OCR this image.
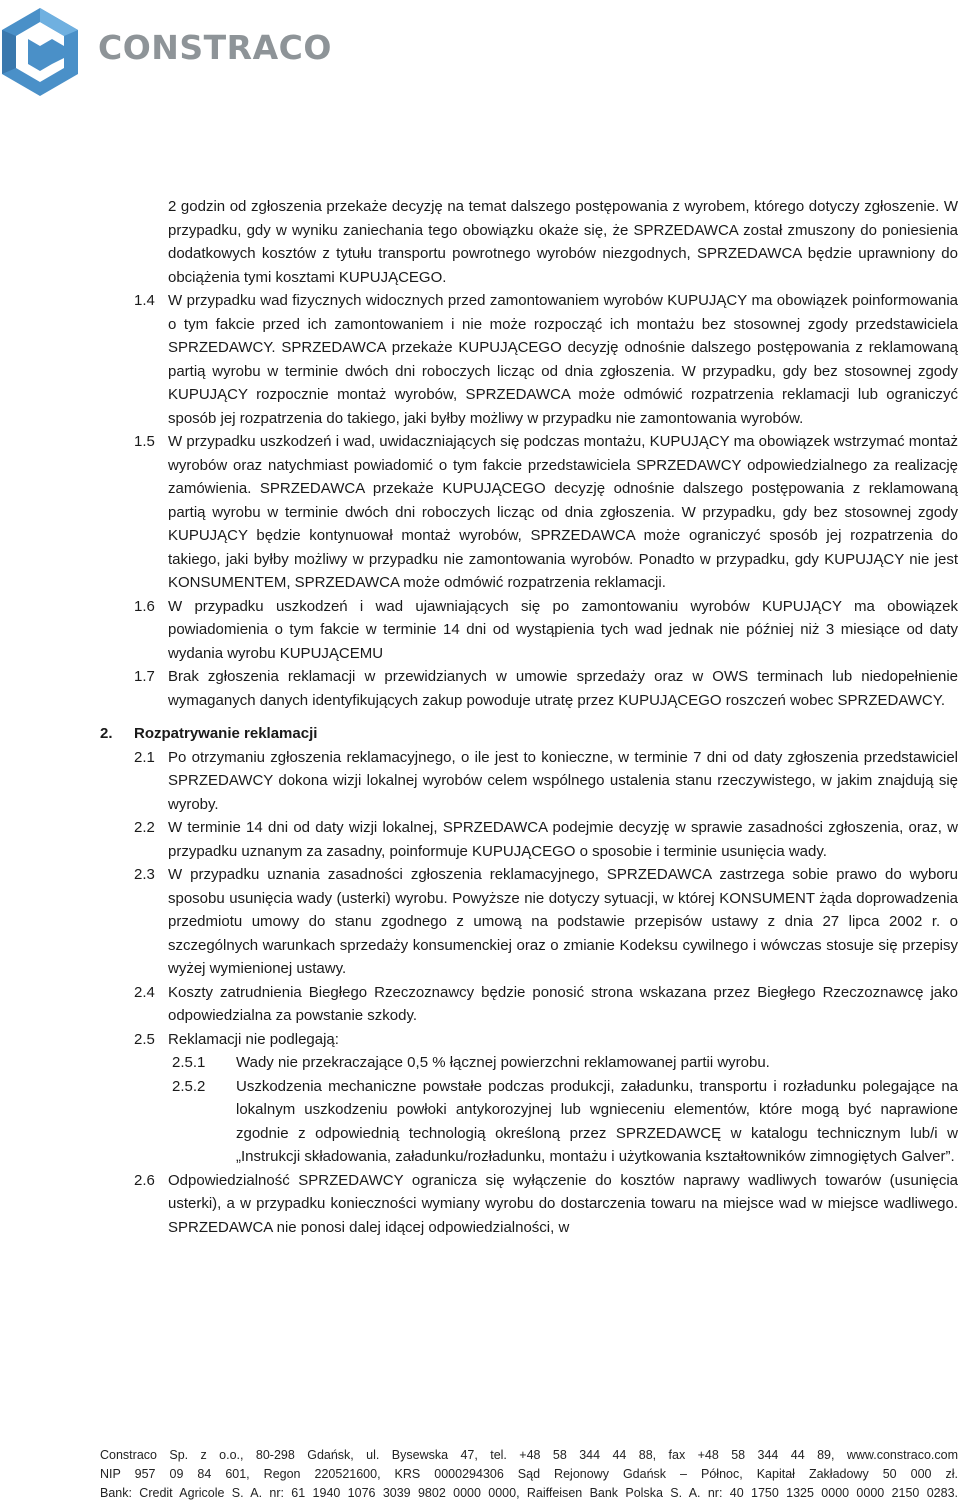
CONSTRACO

2 godzin od zgłoszenia przekaże decyzję na temat dalszego postępowania z wyrobem, którego dotyczy zgłoszenie. W przypadku, gdy w wyniku zaniechania tego obowiązku okaże się, że SPRZEDAWCA został zmuszony do poniesienia dodatkowych kosztów z tytułu transportu powrotnego wyrobów niezgodnych, SPRZEDAWCA będzie uprawniony do obciążenia tymi kosztami KUPUJĄCEGO.

1.4 W przypadku wad fizycznych widocznych przed zamontowaniem wyrobów KUPUJĄCY ma obowiązek poinformowania o tym fakcie przed ich zamontowaniem i nie może rozpocząć ich montażu bez stosownej zgody przedstawiciela SPRZEDAWCY. SPRZEDAWCA przekaże KUPUJĄCEGO decyzję odnośnie dalszego postępowania z reklamowaną partią wyrobu w terminie dwóch dni roboczych licząc od dnia zgłoszenia. W przypadku, gdy bez stosownej zgody KUPUJĄCY rozpocznie montaż wyrobów, SPRZEDAWCA może odmówić rozpatrzenia reklamacji lub ograniczyć sposób jej rozpatrzenia do takiego, jaki byłby możliwy w przypadku nie zamontowania wyrobów.
1.5 W przypadku uszkodzeń i wad, uwidaczniających się podczas montażu, KUPUJĄCY ma obowiązek wstrzymać montaż wyrobów oraz natychmiast powiadomić o tym fakcie przedstawiciela SPRZEDAWCY odpowiedzialnego za realizację zamówienia. SPRZEDAWCA przekaże KUPUJĄCEGO decyzję odnośnie dalszego postępowania z reklamowaną partią wyrobu w terminie dwóch dni roboczych licząc od dnia zgłoszenia. W przypadku, gdy bez stosownej zgody KUPUJĄCY będzie kontynuował montaż wyrobów, SPRZEDAWCA może ograniczyć sposób jej rozpatrzenia do takiego, jaki byłby możliwy w przypadku nie zamontowania wyrobów. Ponadto w przypadku, gdy KUPUJĄCY nie jest KONSUMENTEM, SPRZEDAWCA może odmówić rozpatrzenia reklamacji.
1.6 W przypadku uszkodzeń i wad ujawniających się po zamontowaniu wyrobów KUPUJĄCY ma obowiązek powiadomienia o tym fakcie w terminie 14 dni od wystąpienia tych wad jednak nie później niż 3 miesiące od daty wydania wyrobu KUPUJĄCEMU
1.7 Brak zgłoszenia reklamacji w przewidzianych w umowie sprzedaży oraz w OWS terminach lub niedopełnienie wymaganych danych identyfikujących zakup powoduje utratę przez KUPUJĄCEGO roszczeń wobec SPRZEDAWCY.
2. Rozpatrywanie reklamacji
2.1 Po otrzymaniu zgłoszenia reklamacyjnego, o ile jest to konieczne, w terminie 7 dni od daty zgłoszenia przedstawiciel SPRZEDAWCY dokona wizji lokalnej wyrobów celem wspólnego ustalenia stanu rzeczywistego, w jakim znajdują się wyroby.
2.2 W terminie 14 dni od daty wizji lokalnej, SPRZEDAWCA podejmie decyzję w sprawie zasadności zgłoszenia, oraz, w przypadku uznanym za zasadny, poinformuje KUPUJĄCEGO o sposobie i terminie usunięcia wady.
2.3 W przypadku uznania zasadności zgłoszenia reklamacyjnego, SPRZEDAWCA zastrzega sobie prawo do wyboru sposobu usunięcia wady (usterki) wyrobu. Powyższe nie dotyczy sytuacji, w której KONSUMENT żąda doprowadzenia przedmiotu umowy do stanu zgodnego z umową na podstawie przepisów ustawy z dnia 27 lipca 2002 r. o szczególnych warunkach sprzedaży konsumenckiej oraz o zmianie Kodeksu cywilnego i wówczas stosuje się przepisy wyżej wymienionej ustawy.
2.4 Koszty zatrudnienia Biegłego Rzeczoznawcy będzie ponosić strona wskazana przez Biegłego Rzeczoznawcę jako odpowiedzialna za powstanie szkody.
2.5 Reklamacji nie podlegają:
2.5.1 Wady nie przekraczające 0,5 % łącznej powierzchni reklamowanej partii wyrobu.
2.5.2 Uszkodzenia mechaniczne powstałe podczas produkcji, załadunku, transportu i rozładunku polegające na lokalnym uszkodzeniu powłoki antykorozyjnej lub wgnieceniu elementów, które mogą być naprawione zgodnie z odpowiednią technologią określoną przez SPRZEDAWCĘ w katalogu technicznym lub/i w „Instrukcji składowania, załadunku/rozładunku, montażu i użytkowania kształtowników zimnogiętych Galver”.
2.6 Odpowiedzialność SPRZEDAWCY ogranicza się wyłączenie do kosztów naprawy wadliwych towarów (usunięcia usterki), a w przypadku konieczności wymiany wyrobu do dostarczenia towaru na miejsce wad w miejsce wadliwego. SPRZEDAWCA nie ponosi dalej idącej odpowiedzialności, w
Constraco Sp. z o.o., 80-298 Gdańsk, ul. Bysewska 47, tel. +48 58 344 44 88, fax +48 58 344 44 89, www.constraco.com
NIP 957 09 84 601, Regon 220521600, KRS 0000294306 Sąd Rejonowy Gdańsk – Północ, Kapitał Zakładowy 50 000 zł.
Bank: Credit Agricole S. A. nr: 61 1940 1076 3039 9802 0000 0000, Raiffeisen Bank Polska S. A. nr: 40 1750 1325 0000 0000 2150 0283.
